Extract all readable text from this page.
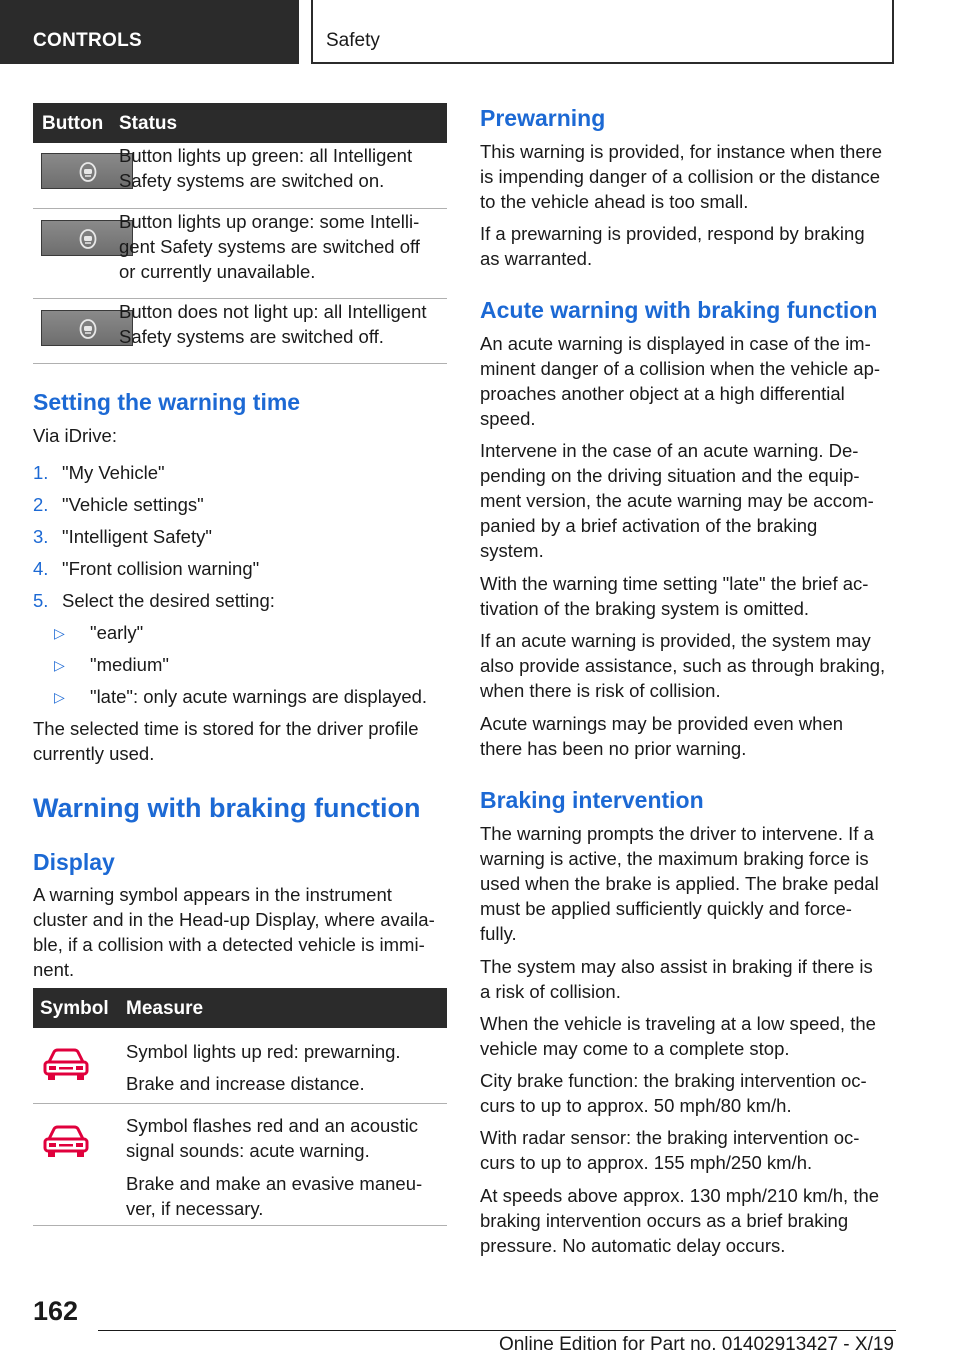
CONTROLS	Safety
Button Status

Button lights up green: all Intelligent
Safety systems are switched on.

Button lights up orange: some Intelli-
gent Safety systems are switched off
or currently unavailable.

Button does not light up: all Intelligent
Safety systems are switched off.

Setting the warning time

Via iDrive:

1. "My Vehicle"
2. "Vehicle settings"
3. "Intelligent Safety"
4. "Front collision warning"
5. Select the desired setting:
▷ "early"
▷ "medium"
▷ "late": only acute warnings are displayed.

The selected time is stored for the driver profile
currently used.

Warning with braking function
Display

A warning symbol appears in the instrument
cluster and in the Head-up Display, where availa-
ble, if a collision with a detected vehicle is immi-
nent.

Symbol Measure

Symbol lights up red: prewarning.

Brake and increase distance.

Symbol flashes red and an acoustic
signal sounds: acute warning.

Brake and make an evasive maneu-
ver, if necessary.

Prewarning

This warning is provided, for instance when there
is impending danger of a collision or the distance
to the vehicle ahead is too small.

If a prewarning is provided, respond by braking
as warranted.

Acute warning with braking function

An acute warning is displayed in case of the im-
minent danger of a collision when the vehicle ap-
proaches another object at a high differential
speed.

Intervene in the case of an acute warning. De-
pending on the driving situation and the equip-
ment version, the acute warning may be accom-
panied by a brief activation of the braking
system.

With the warning time setting "late" the brief ac-
tivation of the braking system is omitted.

If an acute warning is provided, the system may
also provide assistance, such as through braking,
when there is risk of collision.

Acute warnings may be provided even when
there has been no prior warning.

Braking intervention

The warning prompts the driver to intervene. If a
warning is active, the maximum braking force is
used when the brake is applied. The brake pedal
must be applied sufficiently quickly and force-
fully.

The system may also assist in braking if there is
a risk of collision.

When the vehicle is traveling at a low speed, the
vehicle may come to a complete stop.

City brake function: the braking intervention oc-
curs to up to approx. 50 mph/80 km/h.

With radar sensor: the braking intervention oc-
curs to up to approx. 155 mph/250 km/h.

At speeds above approx. 130 mph/210 km/h, the
braking intervention occurs as a brief braking
pressure. No automatic delay occurs.

162
Online Edition for Part no. 01402913427 - X/19
